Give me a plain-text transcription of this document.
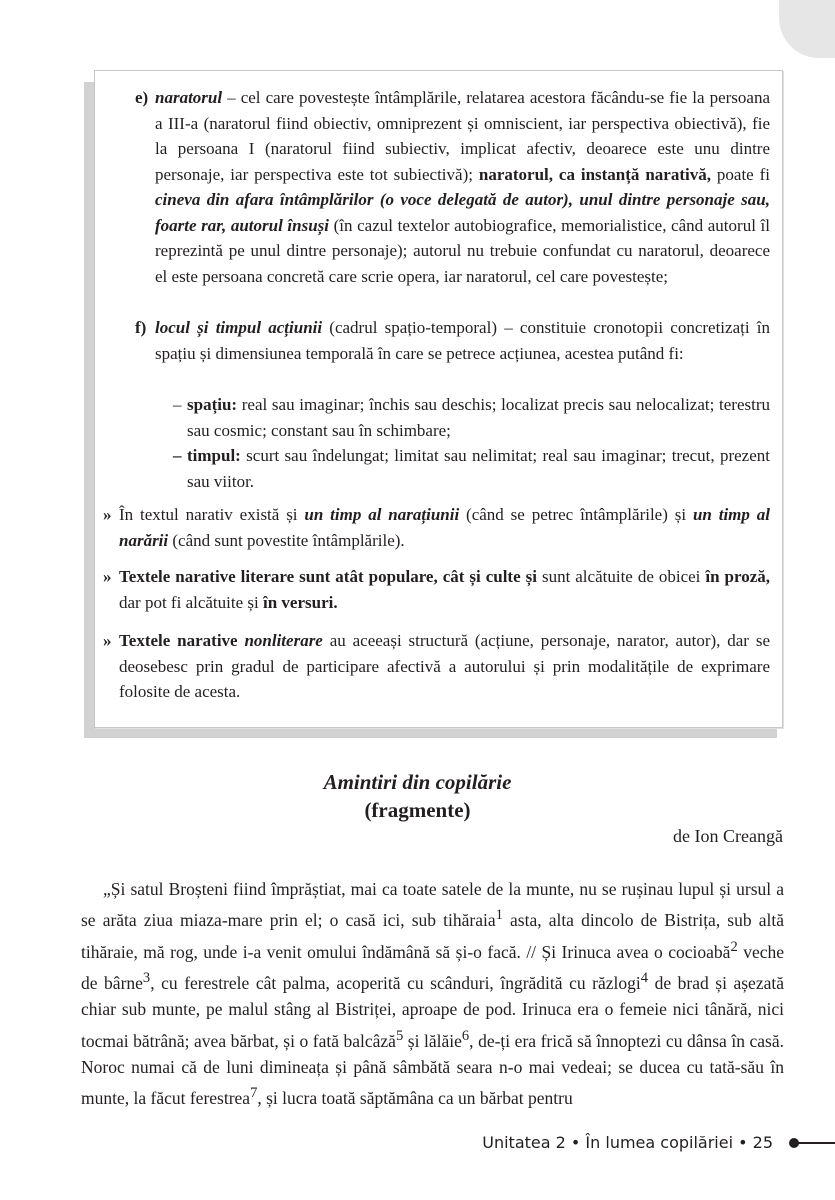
e) naratorul – cel care povestește întâmplările, relatarea acestora făcându-se fie la persoana a III-a (naratorul fiind obiectiv, omniprezent și omniscient, iar perspectiva obiectivă), fie la persoana I (naratorul fiind subiectiv, implicat afectiv, deoarece este unu dintre personaje, iar perspectiva este tot subiectivă); naratorul, ca instanță narativă, poate fi cineva din afara întâmplărilor (o voce delegată de autor), unul dintre personaje sau, foarte rar, autorul însuși (în cazul textelor autobiografice, memorialistice, când autorul îl reprezintă pe unul dintre personaje); autorul nu trebuie confundat cu naratorul, deoarece el este persoana concretă care scrie opera, iar naratorul, cel care povestește;
f) locul și timpul acțiunii (cadrul spațio-temporal) – constituie cronotopii concretizați în spațiu și dimensiunea temporală în care se petrece acțiunea, acestea putând fi:
– spațiu: real sau imaginar; închis sau deschis; localizat precis sau nelocalizat; terestru sau cosmic; constant sau în schimbare;
– timpul: scurt sau îndelungat; limitat sau nelimitat; real sau imaginar; trecut, prezent sau viitor.
» În textul narativ există și un timp al narațiunii (când se petrec întâmplările) și un timp al narării (când sunt povestite întâmplările).
» Textele narative literare sunt atât populare, cât și culte și sunt alcătuite de obicei în proză, dar pot fi alcătuite și în versuri.
» Textele narative nonliterare au aceeași structură (acțiune, personaje, narator, autor), dar se deosebesc prin gradul de participare afectivă a autorului și prin modalitățile de exprimare folosite de acesta.
Amintiri din copilărie
(fragmente)
de Ion Creangă
„Și satul Broșteni fiind împrăștiat, mai ca toate satele de la munte, nu se rușinau lupul și ursul a se arăta ziua miaza-mare prin el; o casă ici, sub tihăraia$^1$ asta, alta dincolo de Bistrița, sub altă tihăraie, mă rog, unde i-a venit omului îndămână să și-o facă. // Și Irinuca avea o cocioabă$^2$ veche de bârne$^3$, cu ferestrele cât palma, acoperită cu scânduri, îngrădită cu răzlogi$^4$ de brad și așezată chiar sub munte, pe malul stâng al Bistriței, aproape de pod. Irinuca era o femeie nici tânără, nici tocmai bătrână; avea bărbat, și o fată balcâză$^5$ și lălăie$^6$, de-ți era frică să înnoptezi cu dânsa în casă. Noroc numai că de luni dimineața și până sâmbătă seara n-o mai vedeai; se ducea cu tată-său în munte, la făcut ferestrea$^7$, și lucra toată săptămâna ca un bărbat pentru
Unitatea 2 • În lumea copilăriei • 25
